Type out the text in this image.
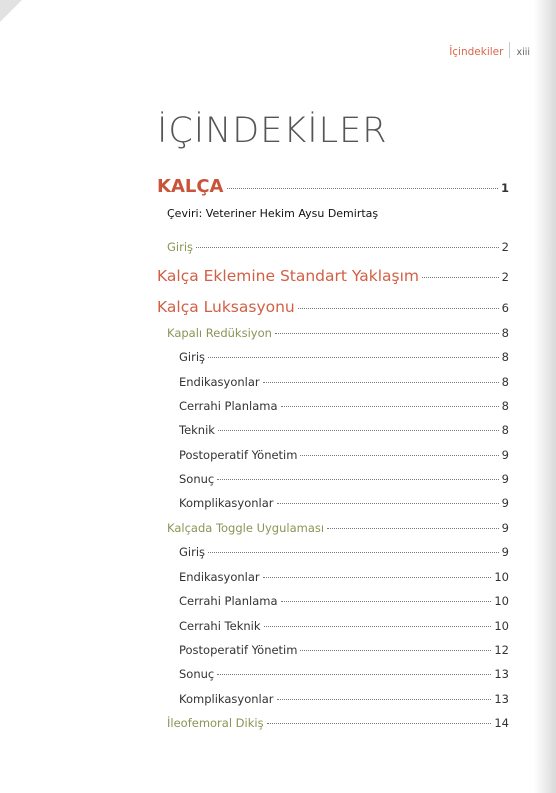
İçindekiler xiii
İÇİNDEKİLER
KALÇA	1
Çeviri: Veteriner Hekim Aysu Demirtaş
Giriş	2
Kalça Eklemine Standart Yaklaşım	2
Kalça Luksasyonu	6
Kapalı Redüksiyon	8
Giriş	8
Endikasyonlar	8
Cerrahi Planlama	8
Teknik	8
Postoperatif Yönetim	9
Sonuç	9
Komplikasyonlar	9
Kalçada Toggle Uygulaması	9
Giriş	9
Endikasyonlar	10
Cerrahi Planlama	10
Cerrahi Teknik	10
Postoperatif Yönetim	12
Sonuç	13
Komplikasyonlar	13
İleofemoral Dikiş	14
